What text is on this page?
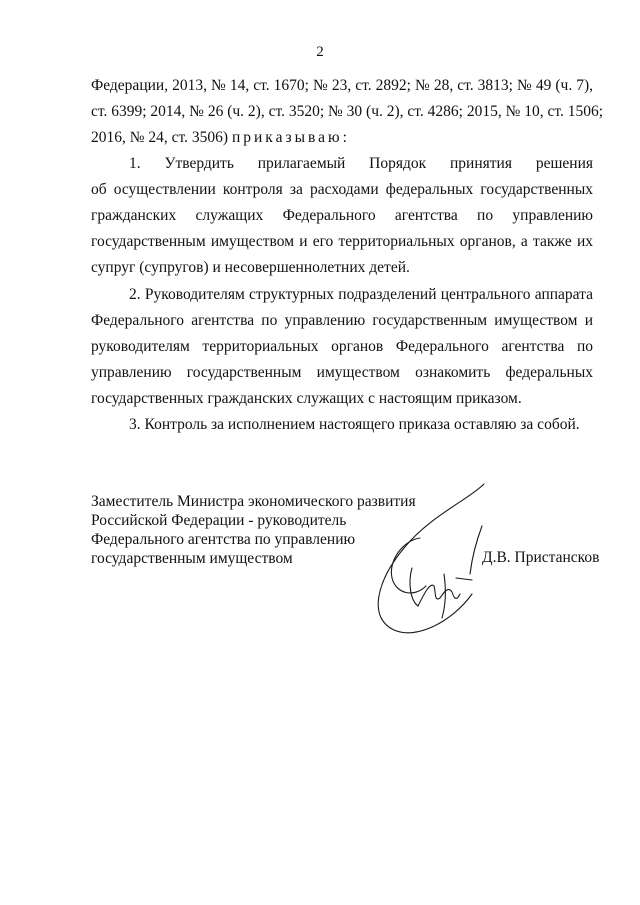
2
Федерации, 2013, № 14, ст. 1670; № 23, ст. 2892; № 28, ст. 3813; № 49 (ч. 7),
ст. 6399; 2014, № 26 (ч. 2), ст. 3520; № 30 (ч. 2), ст. 4286; 2015, № 10, ст. 1506;
2016, № 24, ст. 3506) приказываю:
1. Утвердить прилагаемый Порядок принятия решения
об осуществлении контроля за расходами федеральных государственных
гражданских служащих Федерального агентства по управлению
государственным имуществом и его территориальных органов, а также их
супруг (супругов) и несовершеннолетних детей.
2. Руководителям структурных подразделений центрального аппарата
Федерального агентства по управлению государственным имуществом и
руководителям территориальных органов Федерального агентства по
управлению государственным имуществом ознакомить федеральных
государственных гражданских служащих с настоящим приказом.
3. Контроль за исполнением настоящего приказа оставляю за собой.
Заместитель Министра экономического развития
Российской Федерации - руководитель
Федерального агентства по управлению
государственным имуществом	Д.В. Пристансков
